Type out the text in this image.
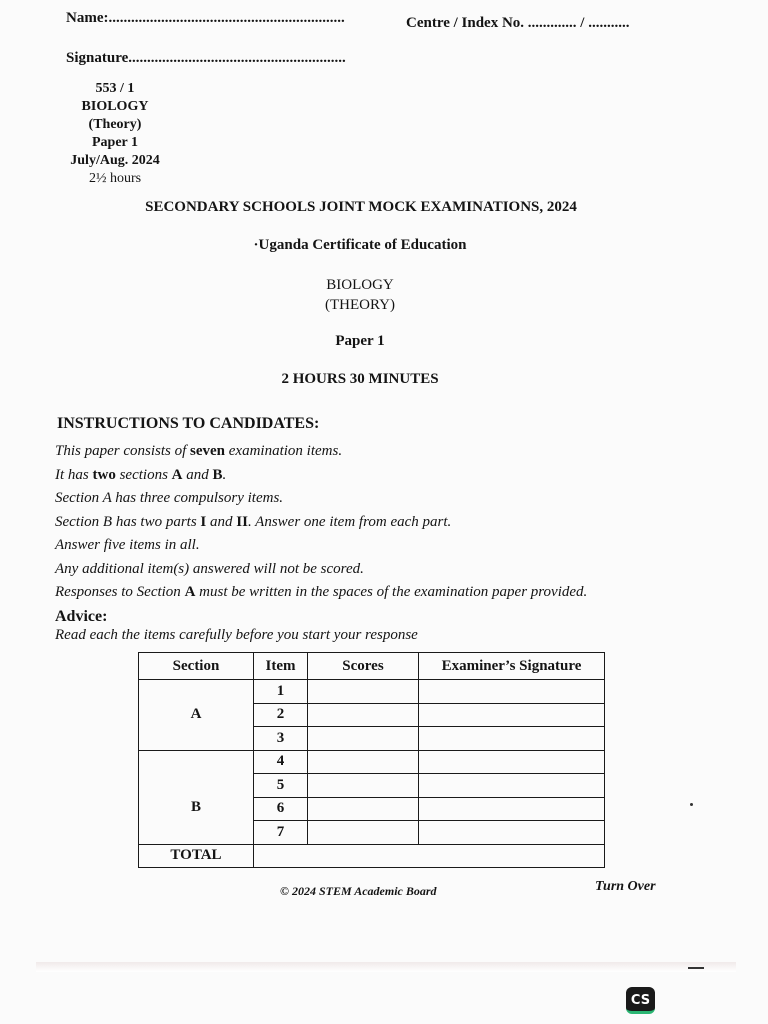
Name:...............................................................	Centre / Index No. ............. / ...........
Signature..........................................................
553 / 1
BIOLOGY
(Theory)
Paper 1
July/Aug. 2024
2½ hours
SECONDARY SCHOOLS JOINT MOCK EXAMINATIONS, 2024
·Uganda Certificate of Education
BIOLOGY
(THEORY)
Paper 1
2 HOURS 30 MINUTES
INSTRUCTIONS TO CANDIDATES:
This paper consists of seven examination items.
It has two sections A and B.
Section A has three compulsory items.
Section B has two parts I and II. Answer one item from each part.
Answer five items in all.
Any additional item(s) answered will not be scored.
Responses to Section A must be written in the spaces of the examination paper provided.
Advice:
Read each the items carefully before you start your response
Section	Item	Scores	Examiner’s Signature
A	1		
	2		
	3		
B	4		
	5		
	6		
	7		
TOTAL			
© 2024 STEM Academic Board	Turn Over
CS
